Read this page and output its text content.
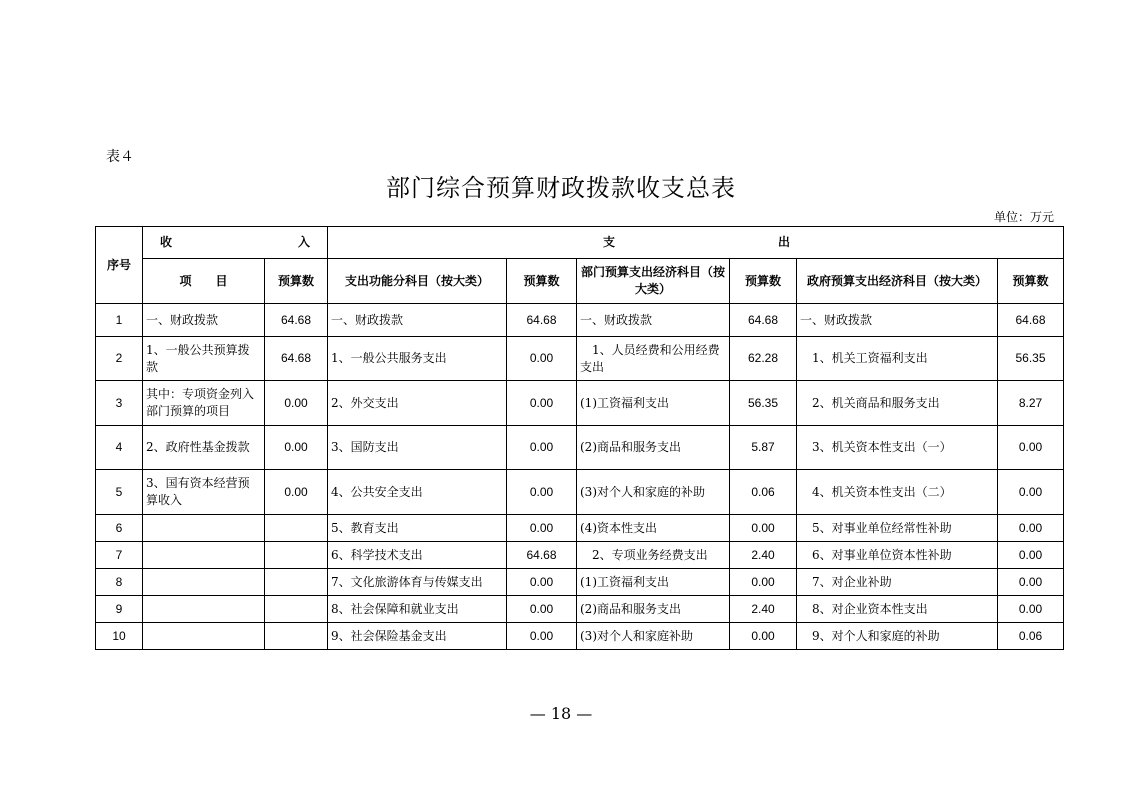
表４
部门综合预算财政拨款收支总表
单位：万元
序号	收 入		支 出					

	项　　目	预算数	支出功能分科目（按大类）	预算数	部门预算支出经济科目（按大类）	预算数	政府预算支出经济科目（按大类）	预算数
1	一、财政拨款	64.68	一、财政拨款	64.68	一、财政拨款	64.68	一、财政拨款	64.68
2	1、一般公共预算拨款	64.68	1、一般公共服务支出	0.00	　1、人员经费和公用经费支出	62.28	　1、机关工资福利支出	56.35
3	其中：专项资金列入部门预算的项目	0.00	2、外交支出	0.00	(1)工资福利支出	56.35	　2、机关商品和服务支出	8.27
4	2、政府性基金拨款	0.00	3、国防支出	0.00	(2)商品和服务支出	5.87	　3、机关资本性支出（一）	0.00
5	3、国有资本经营预算收入	0.00	4、公共安全支出	0.00	(3)对个人和家庭的补助	0.06	　4、机关资本性支出（二）	0.00
6			5、教育支出	0.00	(4)资本性支出	0.00	　5、对事业单位经常性补助	0.00
7			6、科学技术支出	64.68	　2、专项业务经费支出	2.40	　6、对事业单位资本性补助	0.00
8			7、文化旅游体育与传媒支出	0.00	(1)工资福利支出	0.00	　7、对企业补助	0.00
9			8、社会保障和就业支出	0.00	(2)商品和服务支出	2.40	　8、对企业资本性支出	0.00
10			9、社会保险基金支出	0.00	(3)对个人和家庭补助	0.00	　9、对个人和家庭的补助	0.06
— 18 —
